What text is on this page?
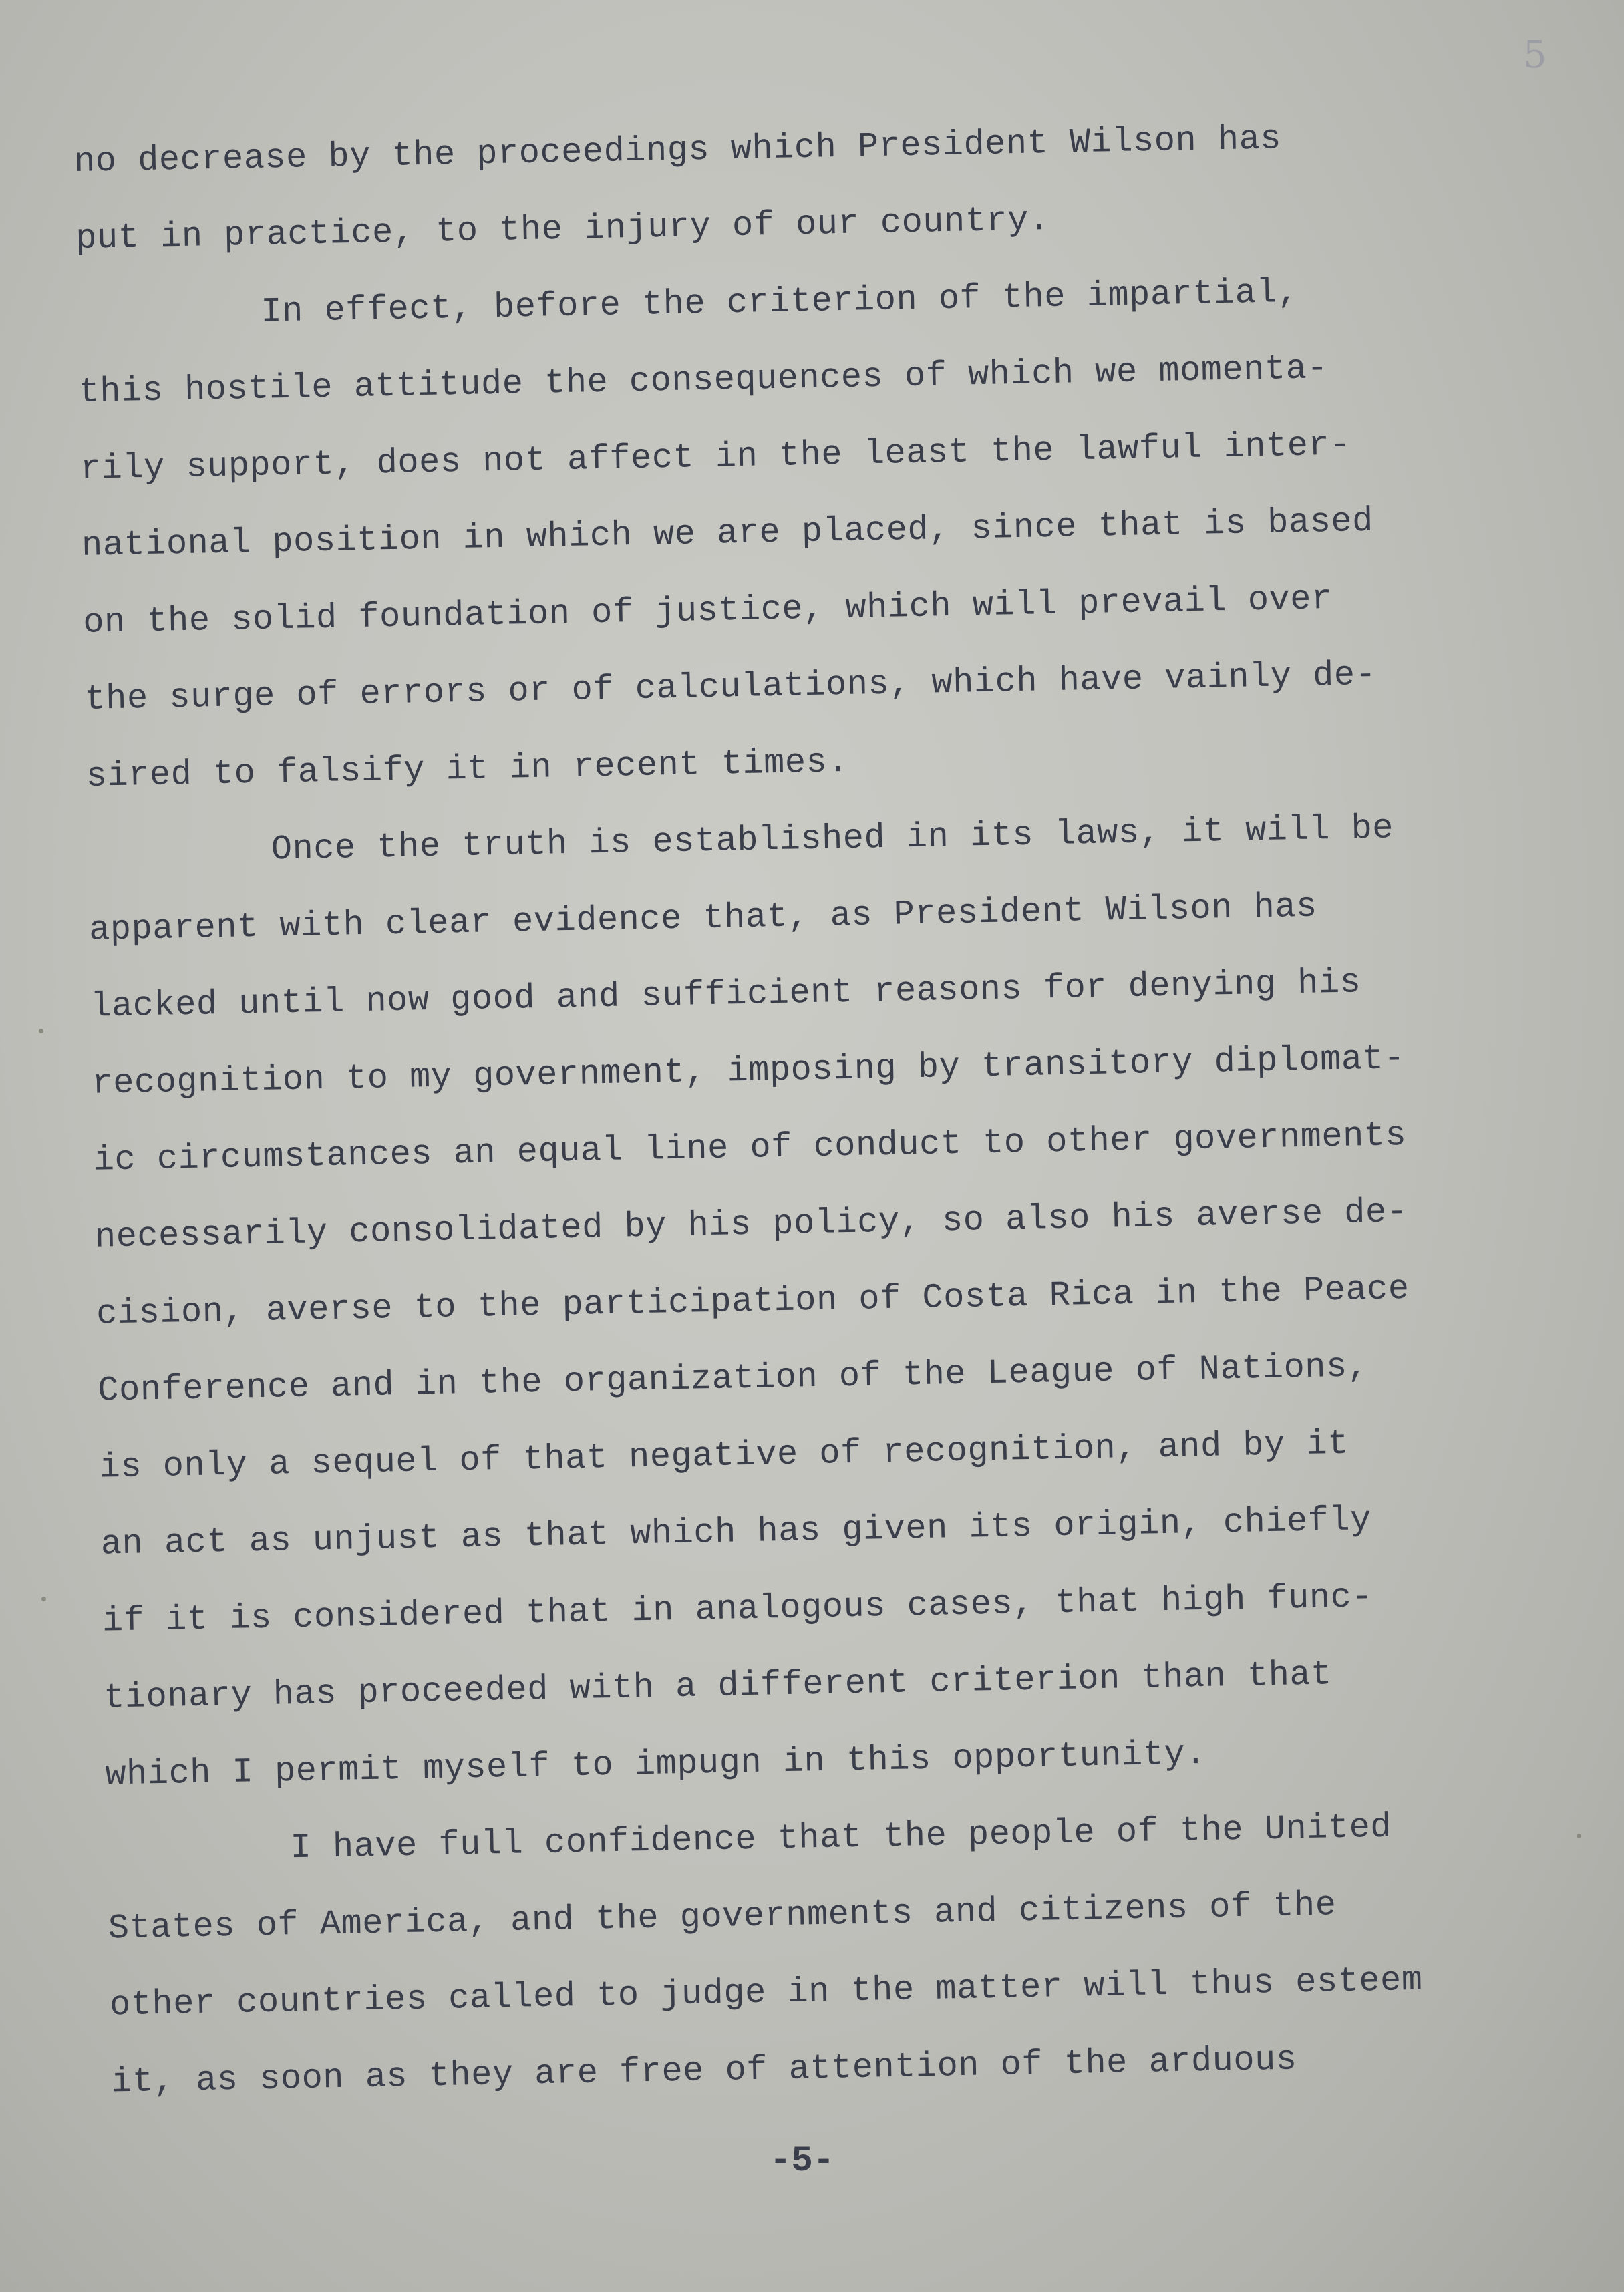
5
no decrease by the proceedings which President Wilson has
put in practice, to the injury of our country.
In effect, before the criterion of the impartial,
this hostile attitude the consequences of which we momenta-
rily support, does not affect in the least the lawful inter-
national position in which we are placed, since that is based
on the solid foundation of justice, which will prevail over
the surge of errors or of calculations, which have vainly de-
sired to falsify it in recent times.
Once the truth is established in its laws, it will be
apparent with clear evidence that, as President Wilson has
lacked until now good and sufficient reasons for denying his
recognition to my government, imposing by transitory diplomat-
ic circumstances an equal line of conduct to other governments
necessarily consolidated by his policy, so also his averse de-
cision, averse to the participation of Costa Rica in the Peace
Conference and in the organization of the League of Nations,
is only a sequel of that negative of recognition, and by it
an act as unjust as that which has given its origin, chiefly
if it is considered that in analogous cases, that high func-
tionary has proceeded with a different criterion than that
which I permit myself to impugn in this opportunity.
I have full confidence that the people of the United
States of America, and the governments and citizens of the
other countries called to judge in the matter will thus esteem
it, as soon as they are free of attention of the arduous
-5-
